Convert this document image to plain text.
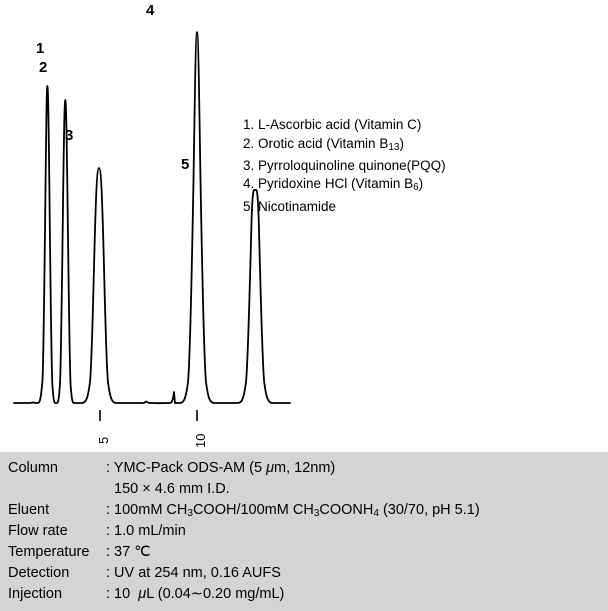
1
2
3
4
5
5	10
1. L-Ascorbic acid (Vitamin C)
2. Orotic acid (Vitamin B13)
3. Pyrroloquinoline quinone(PQQ)
4. Pyridoxine HCl (Vitamin B6)
5. Nicotinamide
Column	: YMC-Pack ODS-AM (5 μm, 12nm)
150 × 4.6 mm I.D.
Eluent	: 100mM CH3COOH/100mM CH3COONH4 (30/70, pH 5.1)
Flow rate	: 1.0 mL/min
Temperature	: 37 ℃
Detection	: UV at 254 nm, 0.16 AUFS
Injection	: 10  μL (0.04∼0.20 mg/mL)
